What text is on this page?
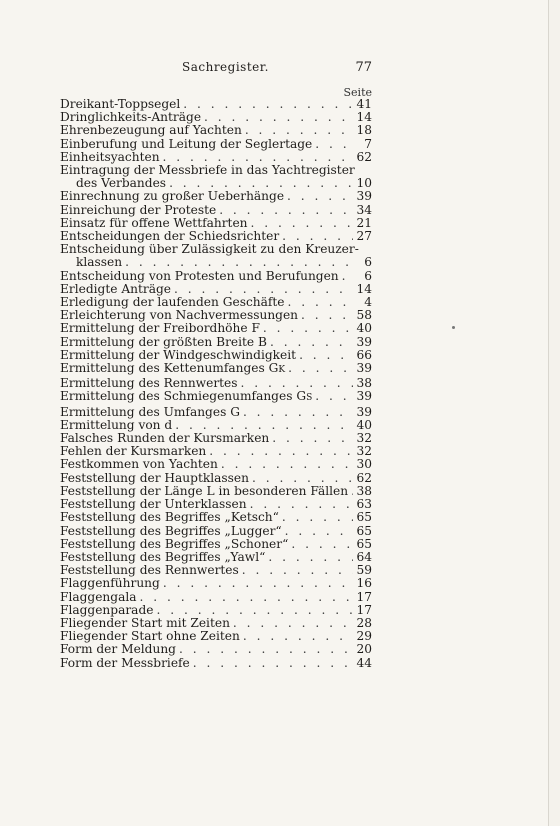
Sachregister.	77
Seite
Dreikant-Toppsegel . . .	41
Dringlichkeits-Anträge . . .	14
Ehrenbezeugung auf Yachten . . .	18
Einberufung und Leitung der Seglertage . . .	7
Einheitsyachten . . .	62
Eintragung der Messbriefe in das Yachtregister
des Verbandes . . .	10
Einrechnung zu großer Ueberhänge . . .	39
Einreichung der Proteste . . .	34
Einsatz für offene Wettfahrten . . .	21
Entscheidungen der Schiedsrichter . . .	27
Entscheidung über Zulässigkeit zu den Kreuzer-
klassen . . .	6
Entscheidung von Protesten und Berufungen . . .	6
Erledigte Anträge . . .	14
Erledigung der laufenden Geschäfte . . .	4
Erleichterung von Nachvermessungen . . .	58
Ermittelung der Freibordhöhe F . . .	40
Ermittelung der größten Breite B . . .	39
Ermittelung der Windgeschwindigkeit . . .	66
Ermittelung des Kettenumfanges GK . . .	39
Ermittelung des Rennwertes . . .	38
Ermittelung des Schmiegenumfanges GS . . .	39
Ermittelung des Umfanges G . . .	39
Ermittelung von d . . .	40
Falsches Runden der Kursmarken . . .	32
Fehlen der Kursmarken . . .	32
Festkommen von Yachten . . .	30
Feststellung der Hauptklassen . . .	62
Feststellung der Länge L in besonderen Fällen . . . 38
Feststellung der Unterklassen . . .	63
Feststellung des Begriffes „Ketsch“ . . .	65
Feststellung des Begriffes „Lugger“ . . .	65
Feststellung des Begriffes „Schoner“ . . .	65
Feststellung des Begriffes „Yawl“ . . .	64
Feststellung des Rennwertes . . .	59
Flaggenführung . . .	16
Flaggengala . . .	17
Flaggenparade . . .	17
Fliegender Start mit Zeiten . . .	28
Fliegender Start ohne Zeiten . . .	29
Form der Meldung . . .	20
Form der Messbriefe . . .	44
